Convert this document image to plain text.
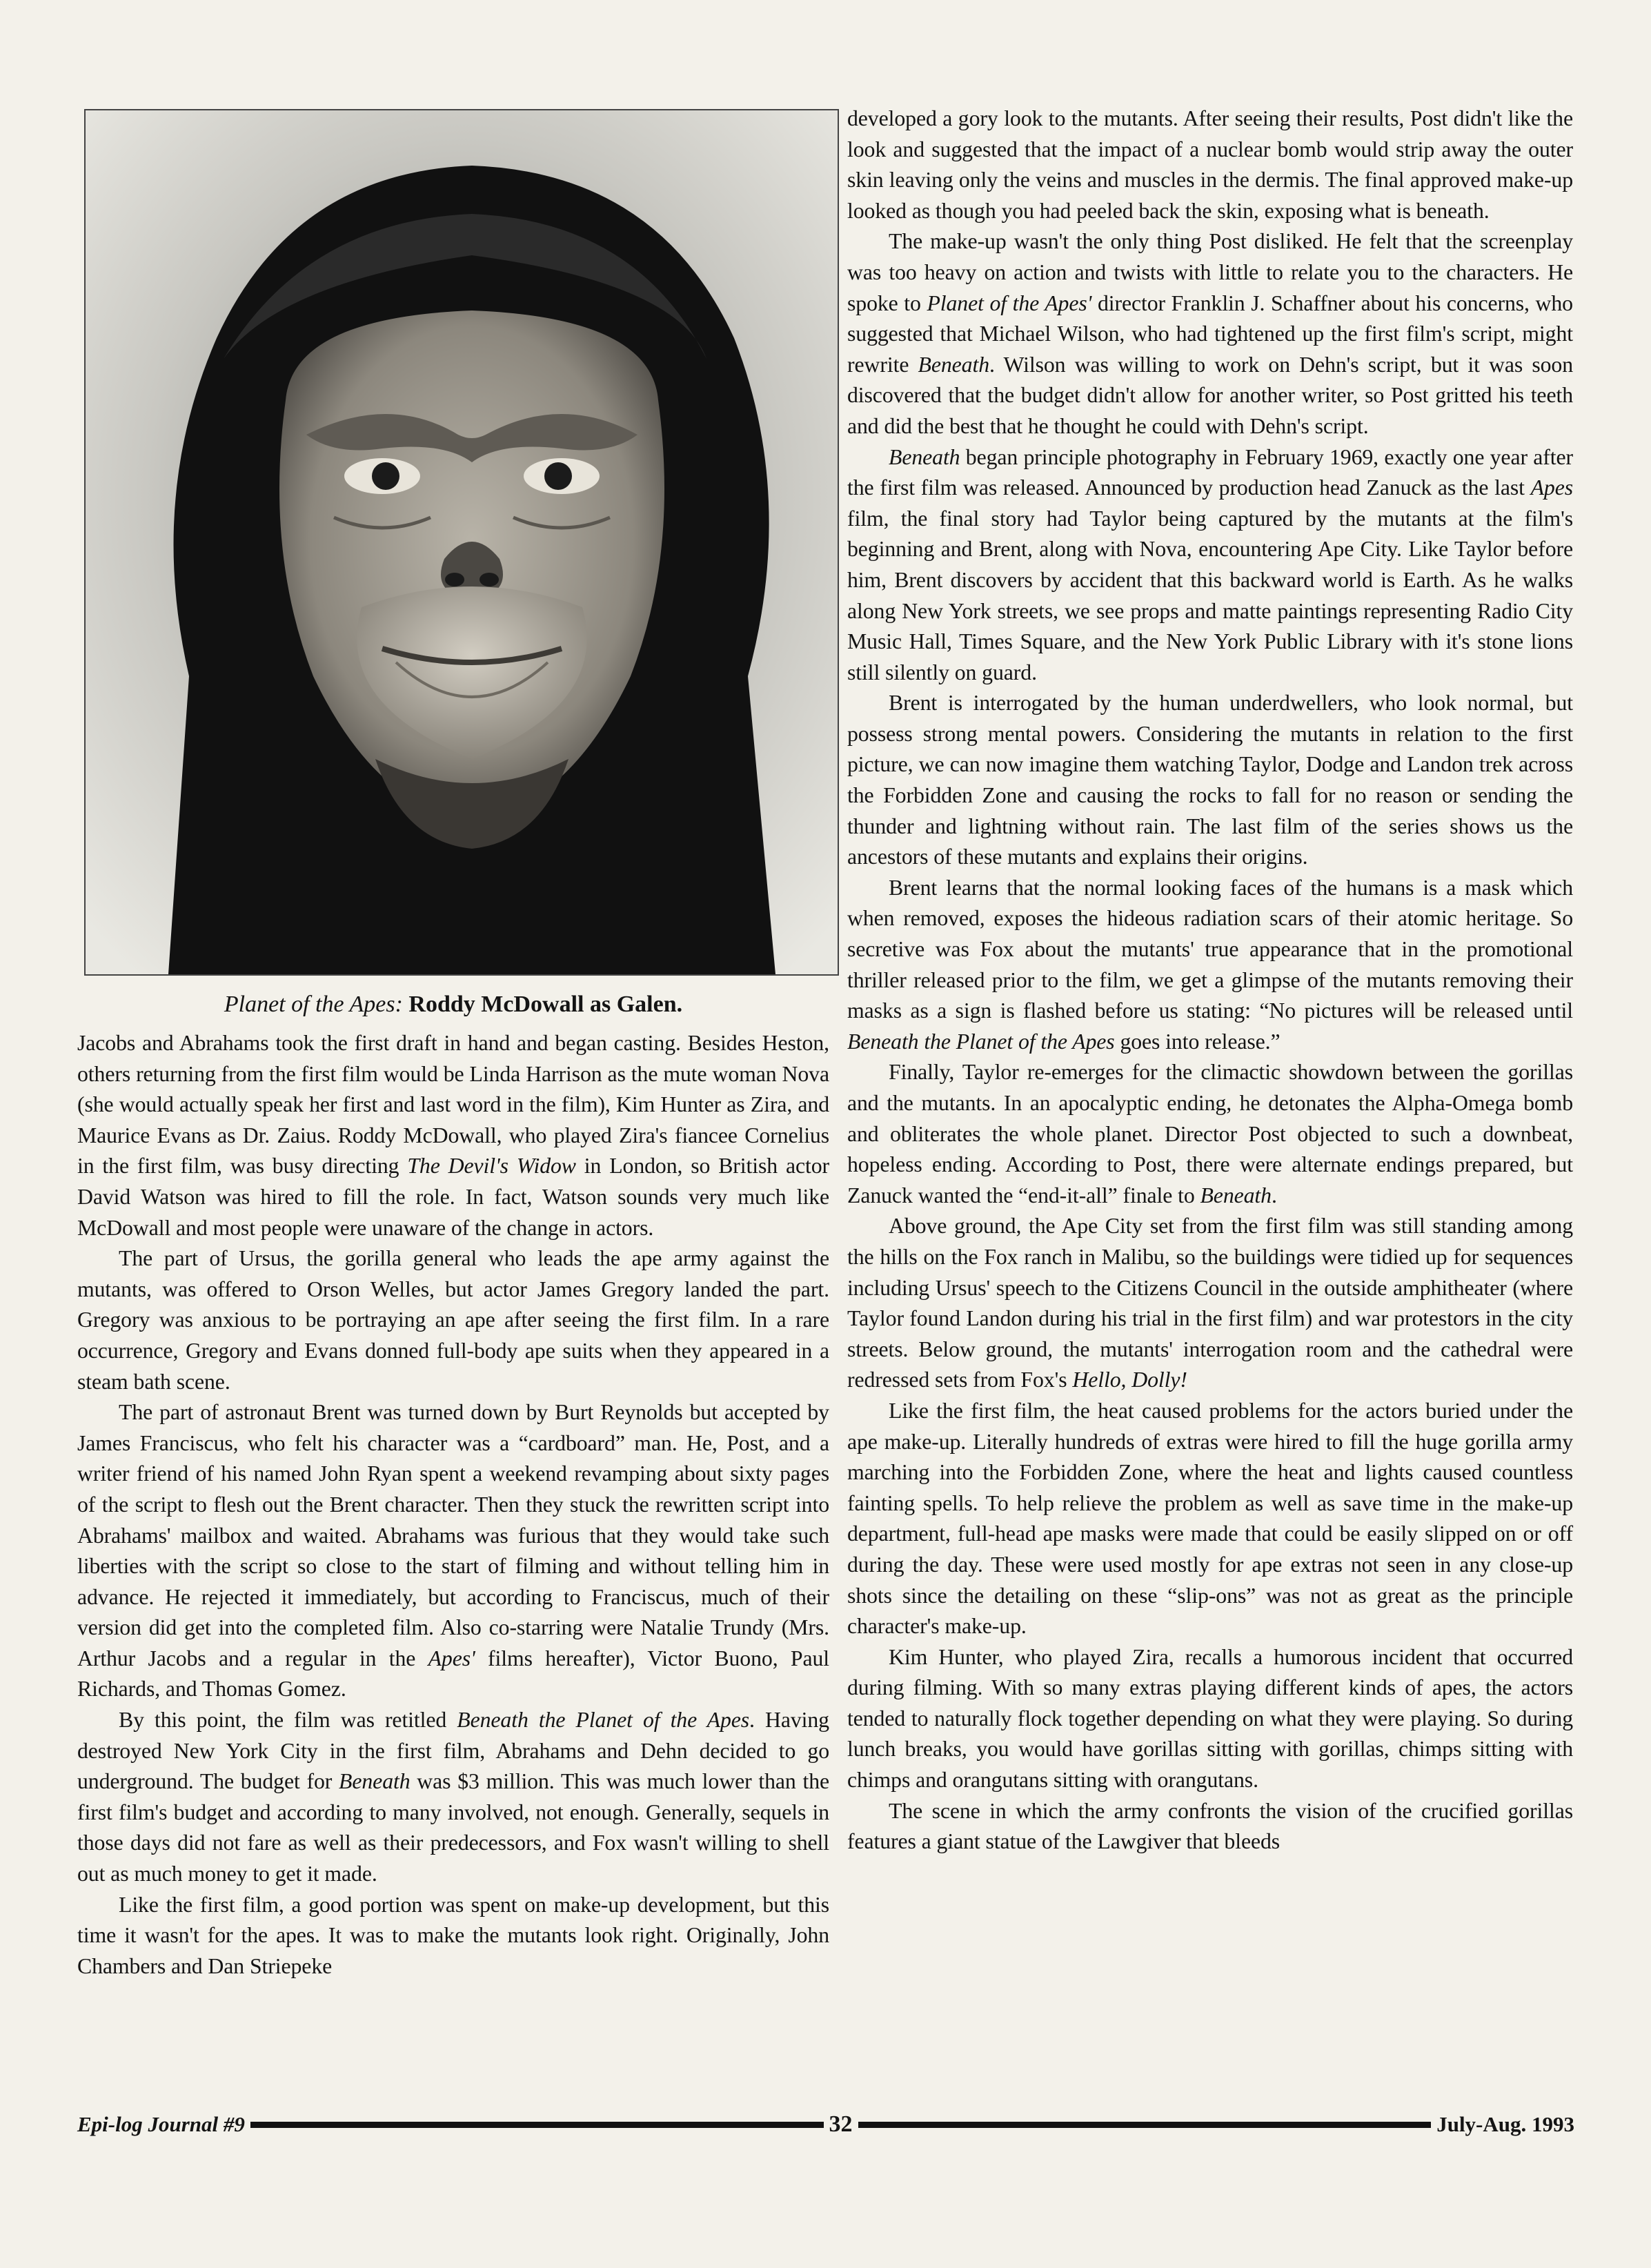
Planet of the Apes: Roddy McDowall as Galen.

Jacobs and Abrahams took the first draft in hand and began casting. Besides Heston, others returning from the first film would be Linda Harrison as the mute woman Nova (she would actually speak her first and last word in the film), Kim Hunter as Zira, and Maurice Evans as Dr. Zaius. Roddy McDowall, who played Zira's fiancee Cornelius in the first film, was busy directing The Devil's Widow in London, so British actor David Watson was hired to fill the role. In fact, Watson sounds very much like McDowall and most people were unaware of the change in actors.

The part of Ursus, the gorilla general who leads the ape army against the mutants, was offered to Orson Welles, but actor James Gregory landed the part. Gregory was anxious to be portraying an ape after seeing the first film. In a rare occurrence, Gregory and Evans donned full-body ape suits when they appeared in a steam bath scene.

The part of astronaut Brent was turned down by Burt Reynolds but accepted by James Franciscus, who felt his character was a “cardboard” man. He, Post, and a writer friend of his named John Ryan spent a weekend revamping about sixty pages of the script to flesh out the Brent character. Then they stuck the rewritten script into Abrahams' mailbox and waited. Abrahams was furious that they would take such liberties with the script so close to the start of filming and without telling him in advance. He rejected it immediately, but according to Franciscus, much of their version did get into the completed film. Also co-starring were Natalie Trundy (Mrs. Arthur Jacobs and a regular in the Apes' films hereafter), Victor Buono, Paul Richards, and Thomas Gomez.

By this point, the film was retitled Beneath the Planet of the Apes. Having destroyed New York City in the first film, Abrahams and Dehn decided to go underground. The budget for Beneath was $3 million. This was much lower than the first film's budget and according to many involved, not enough. Generally, sequels in those days did not fare as well as their predecessors, and Fox wasn't willing to shell out as much money to get it made.

Like the first film, a good portion was spent on make-up development, but this time it wasn't for the apes. It was to make the mutants look right. Originally, John Chambers and Dan Striepeke

developed a gory look to the mutants. After seeing their results, Post didn't like the look and suggested that the impact of a nuclear bomb would strip away the outer skin leaving only the veins and muscles in the dermis. The final approved make-up looked as though you had peeled back the skin, exposing what is beneath.

The make-up wasn't the only thing Post disliked. He felt that the screenplay was too heavy on action and twists with little to relate you to the characters. He spoke to Planet of the Apes' director Franklin J. Schaffner about his concerns, who suggested that Michael Wilson, who had tightened up the first film's script, might rewrite Beneath. Wilson was willing to work on Dehn's script, but it was soon discovered that the budget didn't allow for another writer, so Post gritted his teeth and did the best that he thought he could with Dehn's script.

Beneath began principle photography in February 1969, exactly one year after the first film was released. Announced by production head Zanuck as the last Apes film, the final story had Taylor being captured by the mutants at the film's beginning and Brent, along with Nova, encountering Ape City. Like Taylor before him, Brent discovers by accident that this backward world is Earth. As he walks along New York streets, we see props and matte paintings representing Radio City Music Hall, Times Square, and the New York Public Library with it's stone lions still silently on guard.

Brent is interrogated by the human underdwellers, who look normal, but possess strong mental powers. Considering the mutants in relation to the first picture, we can now imagine them watching Taylor, Dodge and Landon trek across the Forbidden Zone and causing the rocks to fall for no reason or sending the thunder and lightning without rain. The last film of the series shows us the ancestors of these mutants and explains their origins.

Brent learns that the normal looking faces of the humans is a mask which when removed, exposes the hideous radiation scars of their atomic heritage. So secretive was Fox about the mutants' true appearance that in the promotional thriller released prior to the film, we get a glimpse of the mutants removing their masks as a sign is flashed before us stating: “No pictures will be released until Beneath the Planet of the Apes goes into release.”

Finally, Taylor re-emerges for the climactic showdown between the gorillas and the mutants. In an apocalyptic ending, he detonates the Alpha-Omega bomb and obliterates the whole planet. Director Post objected to such a downbeat, hopeless ending. According to Post, there were alternate endings prepared, but Zanuck wanted the “end-it-all” finale to Beneath.

Above ground, the Ape City set from the first film was still standing among the hills on the Fox ranch in Malibu, so the buildings were tidied up for sequences including Ursus' speech to the Citizens Council in the outside amphitheater (where Taylor found Landon during his trial in the first film) and war protestors in the city streets. Below ground, the mutants' interrogation room and the cathedral were redressed sets from Fox's Hello, Dolly!

Like the first film, the heat caused problems for the actors buried under the ape make-up. Literally hundreds of extras were hired to fill the huge gorilla army marching into the Forbidden Zone, where the heat and lights caused countless fainting spells. To help relieve the problem as well as save time in the make-up department, full-head ape masks were made that could be easily slipped on or off during the day. These were used mostly for ape extras not seen in any close-up shots since the detailing on these “slip-ons” was not as great as the principle character's make-up.

Kim Hunter, who played Zira, recalls a humorous incident that occurred during filming. With so many extras playing different kinds of apes, the actors tended to naturally flock together depending on what they were playing. So during lunch breaks, you would have gorillas sitting with gorillas, chimps sitting with chimps and orangutans sitting with orangutans.

The scene in which the army confronts the vision of the crucified gorillas features a giant statue of the Lawgiver that bleeds

Epi-log Journal #9	32	July-Aug. 1993
